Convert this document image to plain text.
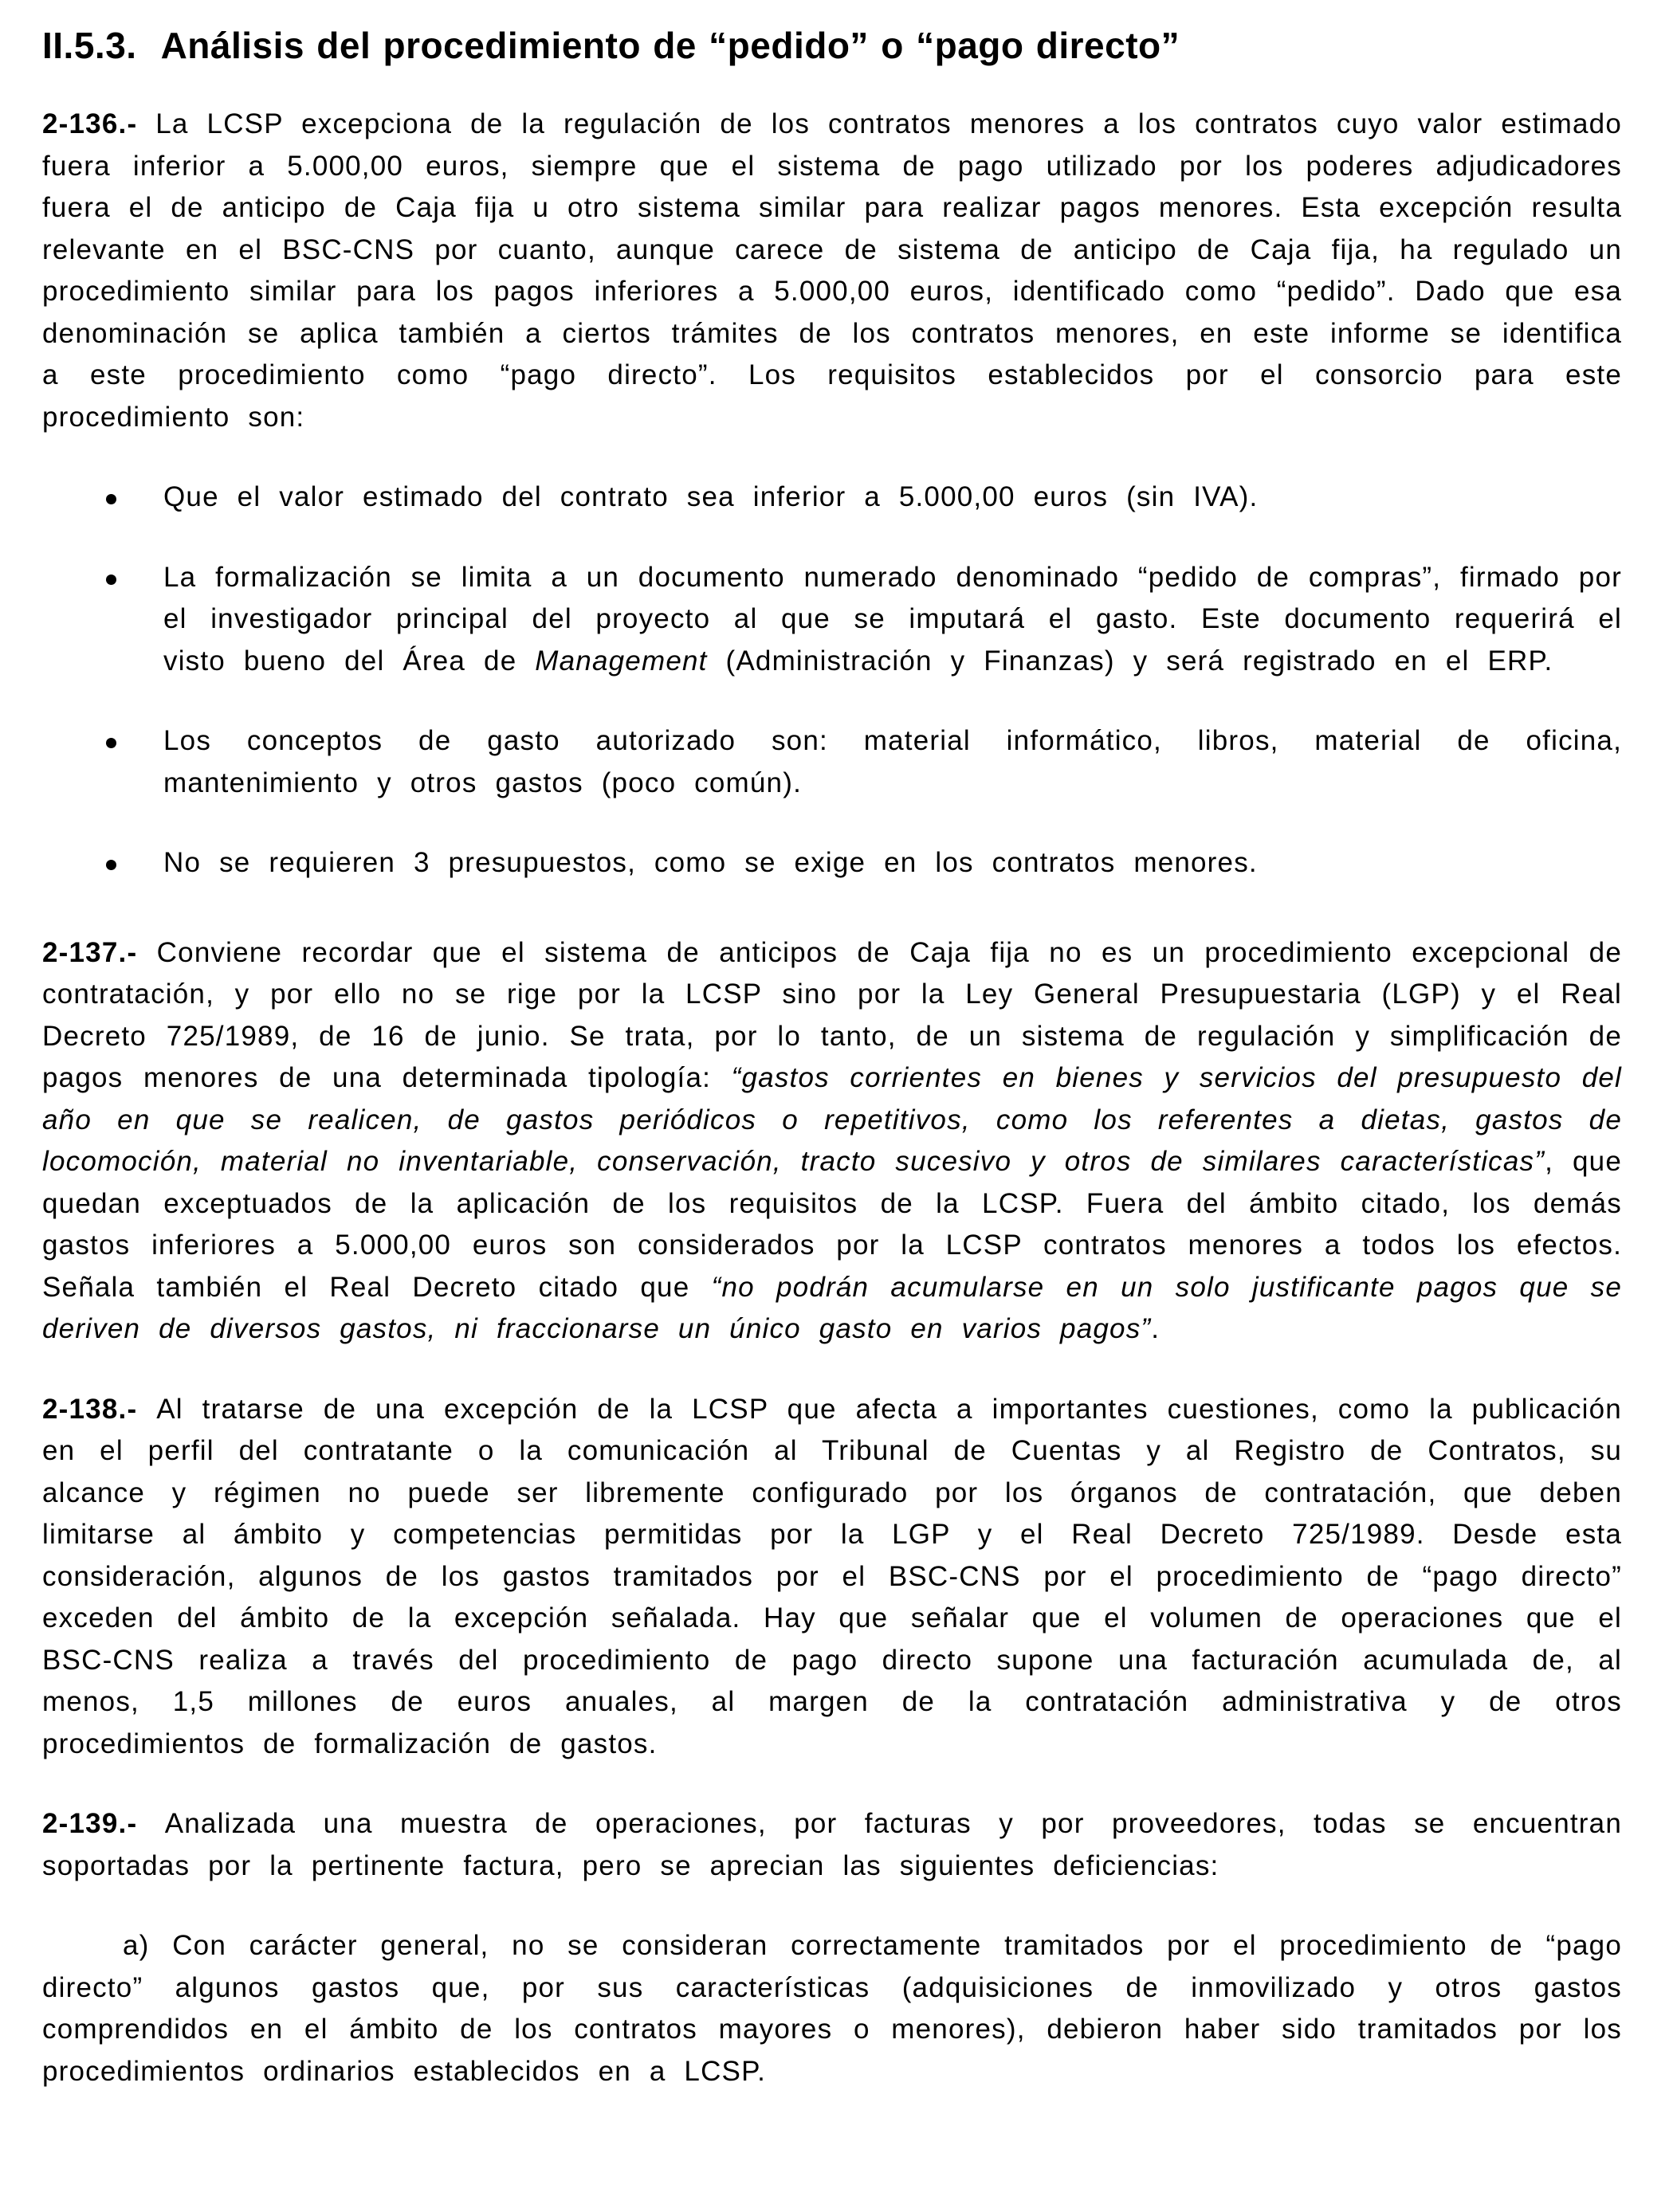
II.5.3. Análisis del procedimiento de “pedido” o “pago directo”

2-136.- La LCSP excepciona de la regulación de los contratos menores a los contratos cuyo valor estimado fuera inferior a 5.000,00 euros, siempre que el sistema de pago utilizado por los poderes adjudicadores fuera el de anticipo de Caja fija u otro sistema similar para realizar pagos menores. Esta excepción resulta relevante en el BSC-CNS por cuanto, aunque carece de sistema de anticipo de Caja fija, ha regulado un procedimiento similar para los pagos inferiores a 5.000,00 euros, identificado como “pedido”. Dado que esa denominación se aplica también a ciertos trámites de los contratos menores, en este informe se identifica a este procedimiento como “pago directo”. Los requisitos establecidos por el consorcio para este procedimiento son:

Que el valor estimado del contrato sea inferior a 5.000,00 euros (sin IVA).
La formalización se limita a un documento numerado denominado “pedido de compras”, firmado por el investigador principal del proyecto al que se imputará el gasto. Este documento requerirá el visto bueno del Área de Management (Administración y Finanzas) y será registrado en el ERP.
Los conceptos de gasto autorizado son: material informático, libros, material de oficina, mantenimiento y otros gastos (poco común).
No se requieren 3 presupuestos, como se exige en los contratos menores.

2-137.- Conviene recordar que el sistema de anticipos de Caja fija no es un procedimiento excepcional de contratación, y por ello no se rige por la LCSP sino por la Ley General Presupuestaria (LGP) y el Real Decreto 725/1989, de 16 de junio. Se trata, por lo tanto, de un sistema de regulación y simplificación de pagos menores de una determinada tipología: “gastos corrientes en bienes y servicios del presupuesto del año en que se realicen, de gastos periódicos o repetitivos, como los referentes a dietas, gastos de locomoción, material no inventariable, conservación, tracto sucesivo y otros de similares características”, que quedan exceptuados de la aplicación de los requisitos de la LCSP. Fuera del ámbito citado, los demás gastos inferiores a 5.000,00 euros son considerados por la LCSP contratos menores a todos los efectos. Señala también el Real Decreto citado que “no podrán acumularse en un solo justificante pagos que se deriven de diversos gastos, ni fraccionarse un único gasto en varios pagos”.

2-138.- Al tratarse de una excepción de la LCSP que afecta a importantes cuestiones, como la publicación en el perfil del contratante o la comunicación al Tribunal de Cuentas y al Registro de Contratos, su alcance y régimen no puede ser libremente configurado por los órganos de contratación, que deben limitarse al ámbito y competencias permitidas por la LGP y el Real Decreto 725/1989. Desde esta consideración, algunos de los gastos tramitados por el BSC-CNS por el procedimiento de “pago directo” exceden del ámbito de la excepción señalada. Hay que señalar que el volumen de operaciones que el BSC-CNS realiza a través del procedimiento de pago directo supone una facturación acumulada de, al menos, 1,5 millones de euros anuales, al margen de la contratación administrativa y de otros procedimientos de formalización de gastos.

2-139.- Analizada una muestra de operaciones, por facturas y por proveedores, todas se encuentran soportadas por la pertinente factura, pero se aprecian las siguientes deficiencias:

a) Con carácter general, no se consideran correctamente tramitados por el procedimiento de “pago directo” algunos gastos que, por sus características (adquisiciones de inmovilizado y otros gastos comprendidos en el ámbito de los contratos mayores o menores), debieron haber sido tramitados por los procedimientos ordinarios establecidos en a LCSP.
